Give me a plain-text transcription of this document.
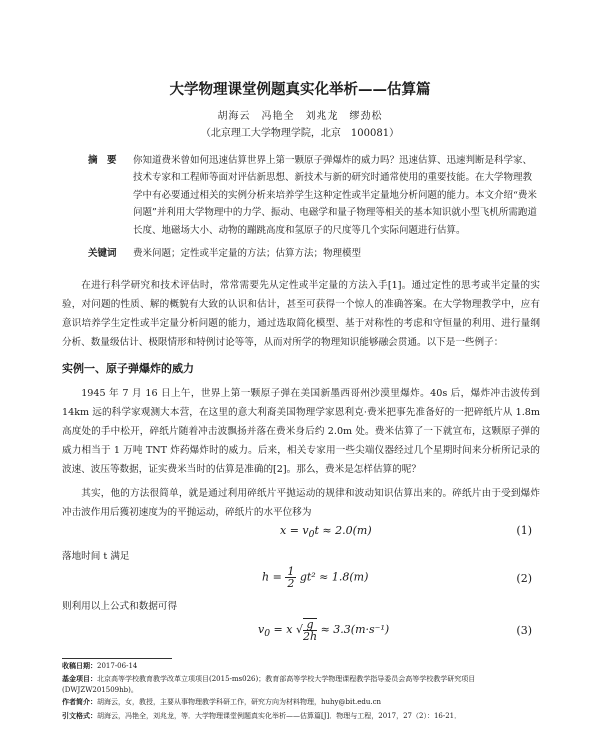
大学物理课堂例题真实化举析——估算篇
胡海云　冯艳全　刘兆龙　缪劲松
（北京理工大学物理学院，北京　100081）
摘　要	你知道费米曾如何迅速估算世界上第一颗原子弹爆炸的威力吗？迅速估算、迅速判断是科学家、技术专家和工程师等面对评估新思想、新技术与新的研究时通常使用的重要技能。在大学物理教学中有必要通过相关的实例分析来培养学生这种定性或半定量地分析问题的能力。本文介绍“费米问题”并利用大学物理中的力学、振动、电磁学和量子物理等相关的基本知识就小型飞机所需跑道长度、地磁场大小、动物的蹦跳高度和氢原子的尺度等几个实际问题进行估算。
关键词	费米问题；定性或半定量的方法；估算方法；物理模型
在进行科学研究和技术评估时，常常需要先从定性或半定量的方法入手[1]。通过定性的思考或半定量的实验，对问题的性质、解的概貌有大致的认识和估计，甚至可获得一个惊人的准确答案。在大学物理教学中，应有意识培养学生定性或半定量分析问题的能力，通过选取简化模型、基于对称性的考虑和守恒量的利用、进行量纲分析、数量级估计、极限情形和特例讨论等等，从而对所学的物理知识能够融会贯通。以下是一些例子：
实例一、原子弹爆炸的威力
1945 年 7 月 16 日上午，世界上第一颗原子弹在美国新墨西哥州沙漠里爆炸。40s 后，爆炸冲击波传到 14km 远的科学家观测大本营，在这里的意大利裔美国物理学家恩利克·费米把事先准备好的一把碎纸片从 1.8m 高度处的手中松开，碎纸片随着冲击波飘扬并落在费米身后约 2.0m 处。费米估算了一下就宣布，这颗原子弹的威力相当于 1 万吨 TNT 炸药爆炸时的威力。后来，相关专家用一些尖端仪器经过几个星期时间来分析所记录的波速、波压等数据，证实费米当时的估算是准确的[2]。那么，费米是怎样估算的呢？
其实，他的方法很简单，就是通过利用碎纸片平抛运动的规律和波动知识估算出来的。碎纸片由于受到爆炸冲击波作用后獲初速度为的平抛运动，碎纸片的水平位移为
$x = v_0t \approx 2.0(m)$	(1)
落地时间 t 满足
$h = \frac{1}{2} gt^2 \approx 1.8(m)$	(2)
则利用以上公式和数据可得
$v_0 = x$ √ $\frac{g}{2h} \approx 3.3(m\cdot s^{-1})$	(3)
收稿日期：2017-06-14
基金项目：北京高等学校教育教学改革立项项目(2015-ms026)；教育部高等学校大学物理课程教学指导委员会高等学校教学研究项目(DWJZW201509hb)。
作者简介：胡海云，女，教授，主要从事物理教学科研工作，研究方向为材料物理，huhy@bit.edu.cn
引文格式：胡海云，冯艳全，刘兆龙，等．大学物理课堂例题真实化举析——估算篇[J]．物理与工程，2017，27（2）：16-21．
